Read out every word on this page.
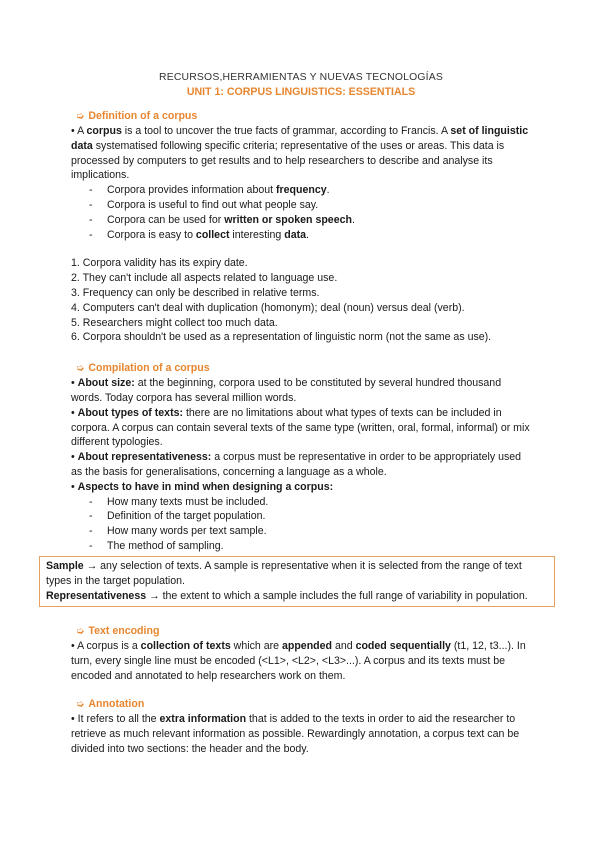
RECURSOS,HERRAMIENTAS Y NUEVAS TECNOLOGÍAS
UNIT 1: CORPUS LINGUISTICS: ESSENTIALS
➭ Definition of a corpus

• A corpus is a tool to uncover the true facts of grammar, according to Francis. A set of linguistic data systematised following specific criteria; representative of the uses or areas. This data is processed by computers to get results and to help researchers to describe and analyse its implications.

- Corpora provides information about frequency.
- Corpora is useful to find out what people say.
- Corpora can be used for written or spoken speech.
- Corpora is easy to collect interesting data.
1. Corpora validity has its expiry date.
2. They can't include all aspects related to language use.
3. Frequency can only be described in relative terms.
4. Computers can't deal with duplication (homonym); deal (noun) versus deal (verb).
5. Researchers might collect too much data.
6. Corpora shouldn't be used as a representation of linguistic norm (not the same as use).
➭ Compilation of a corpus

• About size: at the beginning, corpora used to be constituted by several hundred thousand words. Today corpora has several million words.

• About types of texts: there are no limitations about what types of texts can be included in corpora. A corpus can contain several texts of the same type (written, oral, formal, informal) or mix different typologies.

• About representativeness: a corpus must be representative in order to be appropriately used as the basis for generalisations, concerning a language as a whole.

• Aspects to have in mind when designing a corpus:

- How many texts must be included.
- Definition of the target population.
- How many words per text sample.
- The method of sampling.

Sample → any selection of texts. A sample is representative when it is selected from the range of text types in the target population.

Representativeness → the extent to which a sample includes the full range of variability in population.

➭ Text encoding

• A corpus is a collection of texts which are appended and coded sequentially (t1, 12, t3...). In turn, every single line must be encoded (<L1>, <L2>, <L3>...). A corpus and its texts must be encoded and annotated to help researchers work on them.

➭ Annotation

• It refers to all the extra information that is added to the texts in order to aid the researcher to retrieve as much relevant information as possible. Rewardingly annotation, a corpus text can be divided into two sections: the header and the body.
